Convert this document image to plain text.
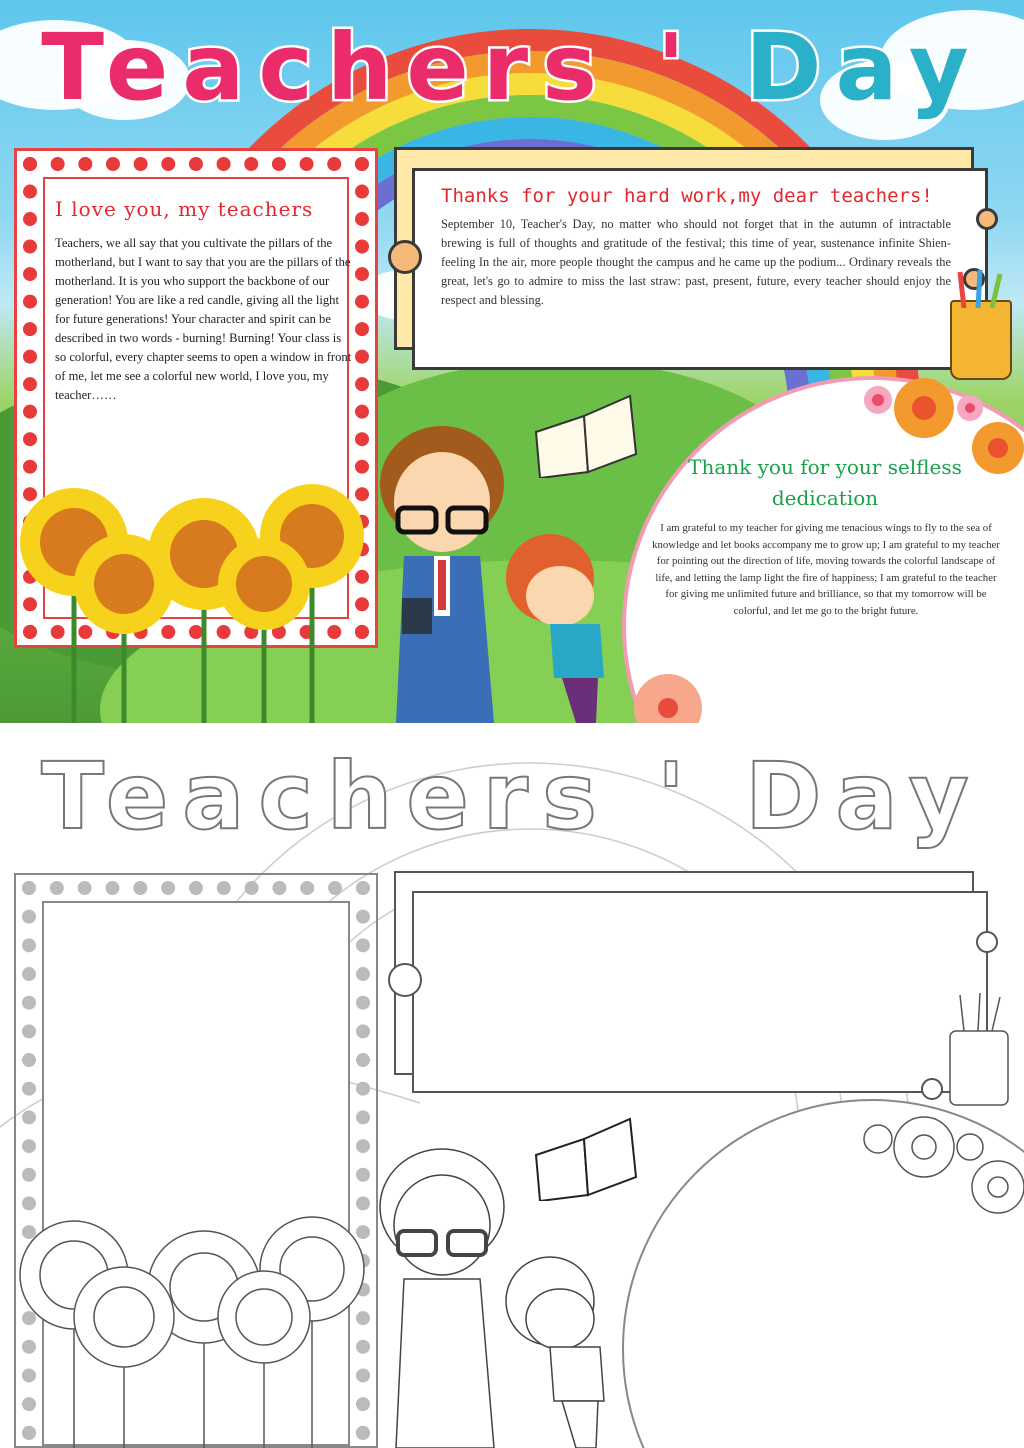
Teachers ' Day
I love you, my teachers
Teachers, we all say that you cultivate the pillars of the motherland, but I want to say that you are the pillars of the motherland. It is you who support the backbone of our generation! You are like a red candle, giving all the light for future generations! Your character and spirit can be described in two words - burning! Burning! Your class is so colorful, every chapter seems to open a window in front of me, let me see a colorful new world, I love you, my teacher……
Thanks for your hard work,my dear teachers!
September 10, Teacher's Day, no matter who should not forget that in the autumn of intractable brewing is full of thoughts and gratitude of the festival; this time of year, sustenance infinite Shien-feeling In the air, more people thought the campus and he came up the podium... Ordinary reveals the great, let's go to admire to miss the last straw: past, present, future, every teacher should enjoy the respect and blessing.
Thank you for your selfless dedication
I am grateful to my teacher for giving me tenacious wings to fly to the sea of knowledge and let books accompany me to grow up; I am grateful to my teacher for pointing out the direction of life, moving towards the colorful landscape of life, and letting the lamp light the fire of happiness; I am grateful to the teacher for giving me unlimited future and brilliance, so that my tomorrow will be colorful, and let me go to the bright future.
Teachers ' Day
